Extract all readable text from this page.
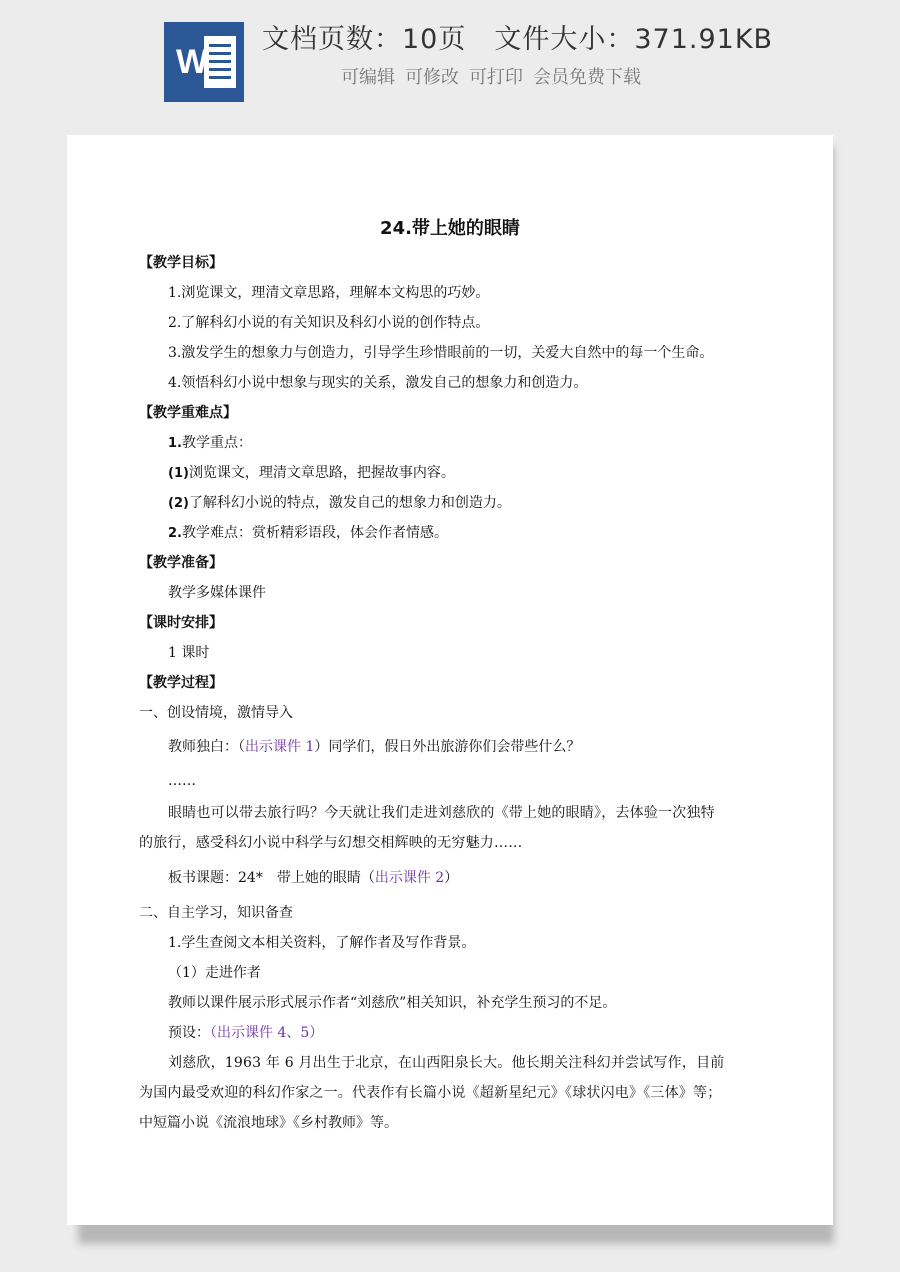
W
文档页数：10页 文件大小：371.91KB
可编辑 可修改 可打印 会员免费下载
24.带上她的眼睛
【教学目标】
1.浏览课文，理清文章思路，理解本文构思的巧妙。
2.了解科幻小说的有关知识及科幻小说的创作特点。
3.激发学生的想象力与创造力，引导学生珍惜眼前的一切，关爱大自然中的每一个生命。
4.领悟科幻小说中想象与现实的关系，激发自己的想象力和创造力。
【教学重难点】
1.教学重点：
(1)浏览课文，理清文章思路，把握故事内容。
(2)了解科幻小说的特点，激发自己的想象力和创造力。
2.教学难点：赏析精彩语段，体会作者情感。
【教学准备】
教学多媒体课件
【课时安排】
1 课时
【教学过程】
一、创设情境，激情导入
教师独白：（出示课件 1）同学们，假日外出旅游你们会带些什么？
……
眼睛也可以带去旅行吗？今天就让我们走进刘慈欣的《带上她的眼睛》，去体验一次独特
的旅行，感受科幻小说中科学与幻想交相辉映的无穷魅力……
板书课题：24*　带上她的眼睛（出示课件 2）
二、自主学习，知识备查
1.学生查阅文本相关资料，了解作者及写作背景。
（1）走进作者
教师以课件展示形式展示作者“刘慈欣”相关知识，补充学生预习的不足。
预设：（出示课件 4、5）
刘慈欣，1963 年 6 月出生于北京，在山西阳泉长大。他长期关注科幻并尝试写作，目前
为国内最受欢迎的科幻作家之一。代表作有长篇小说《超新星纪元》《球状闪电》《三体》等；
中短篇小说《流浪地球》《乡村教师》等。
